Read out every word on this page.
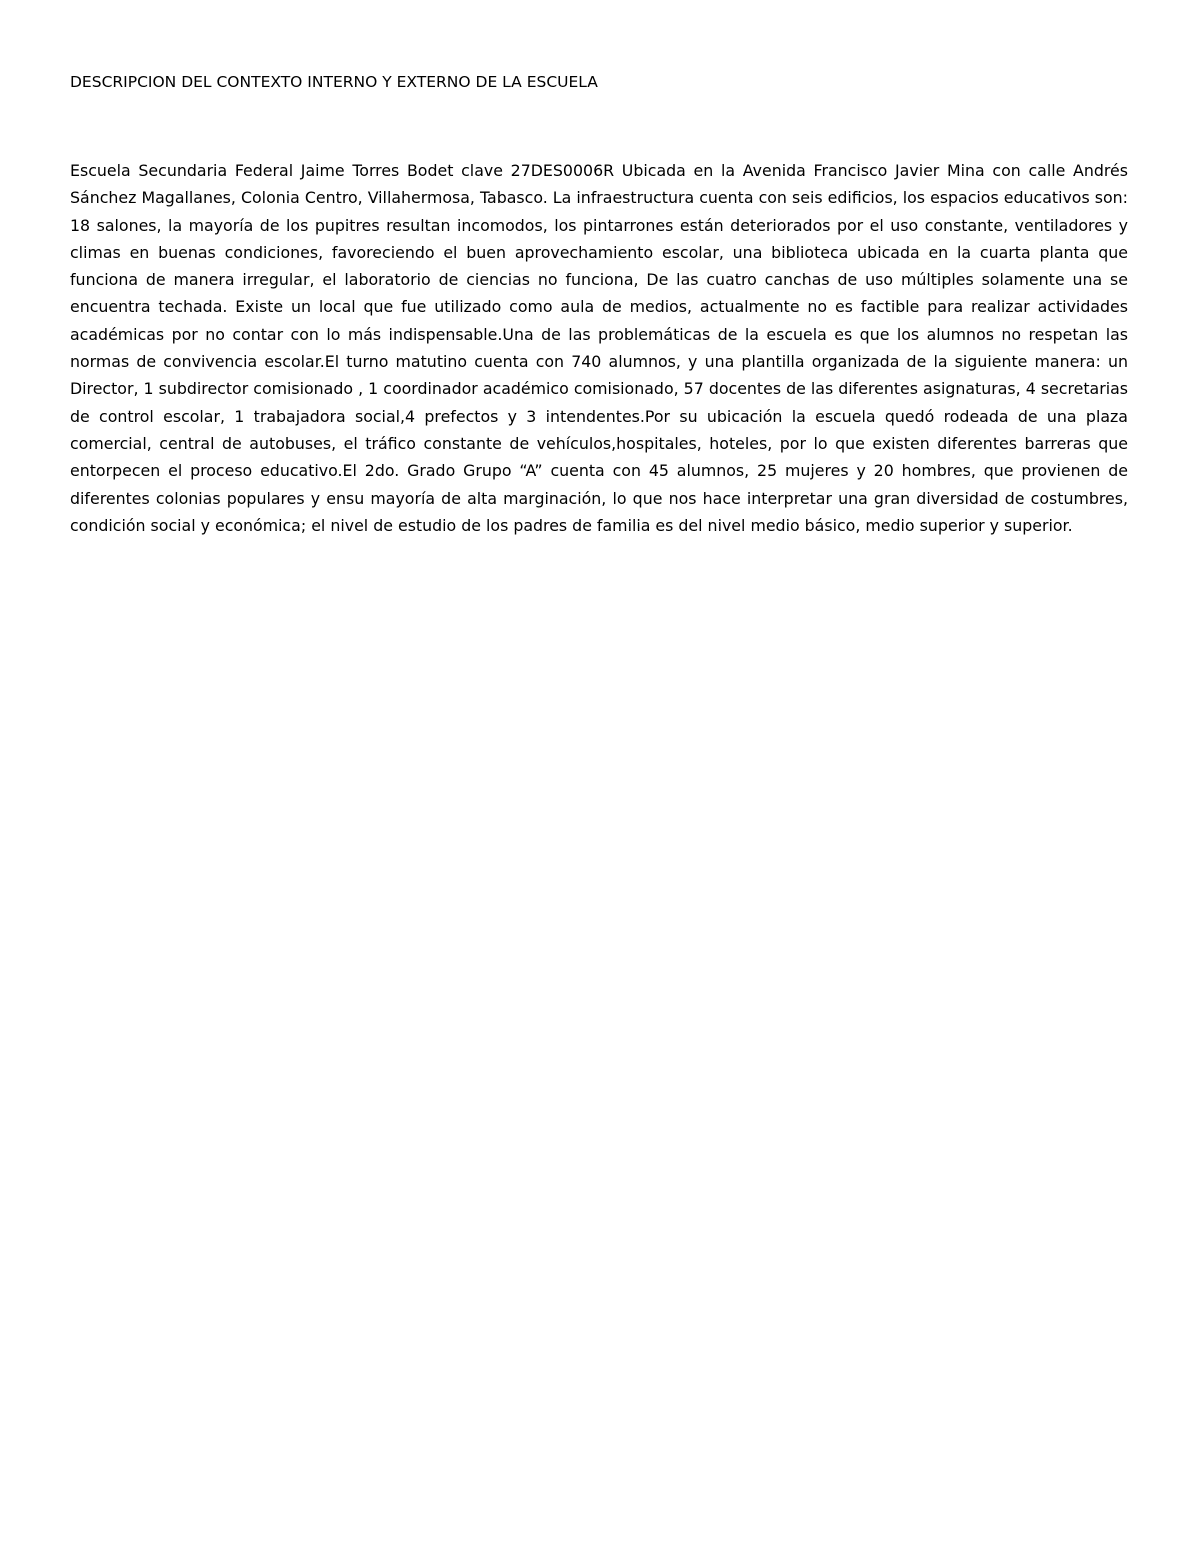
DESCRIPCION DEL CONTEXTO INTERNO Y EXTERNO DE LA ESCUELA

Escuela Secundaria Federal Jaime Torres Bodet clave 27DES0006R Ubicada en la Avenida Francisco Javier Mina con calle Andrés Sánchez Magallanes, Colonia Centro, Villahermosa, Tabasco. La infraestructura cuenta con seis edificios, los espacios educativos son: 18 salones, la mayoría de los pupitres resultan incomodos, los pintarrones están deteriorados por el uso constante, ventiladores y climas en buenas condiciones, favoreciendo el buen aprovechamiento escolar, una biblioteca ubicada en la cuarta planta que funciona de manera irregular, el laboratorio de ciencias no funciona, De las cuatro canchas de uso múltiples solamente una se encuentra techada. Existe un local que fue utilizado como aula de medios, actualmente no es factible para realizar actividades académicas por no contar con lo más indispensable.Una de las problemáticas de la escuela es que los alumnos no respetan las normas de convivencia escolar.El turno matutino cuenta con 740 alumnos, y una plantilla organizada de la siguiente manera: un Director, 1 subdirector comisionado , 1 coordinador académico comisionado, 57 docentes de las diferentes asignaturas, 4 secretarias de control escolar, 1 trabajadora social,4 prefectos y 3 intendentes.Por su ubicación la escuela quedó rodeada de una plaza comercial, central de autobuses, el tráfico constante de vehículos,hospitales, hoteles, por lo que existen diferentes barreras que entorpecen el proceso educativo.El 2do. Grado Grupo “A” cuenta con 45 alumnos, 25 mujeres y 20 hombres, que provienen de diferentes colonias populares y ensu mayoría de alta marginación, lo que nos hace interpretar una gran diversidad de costumbres, condición social y económica; el nivel de estudio de los padres de familia es del nivel medio básico, medio superior y superior.
